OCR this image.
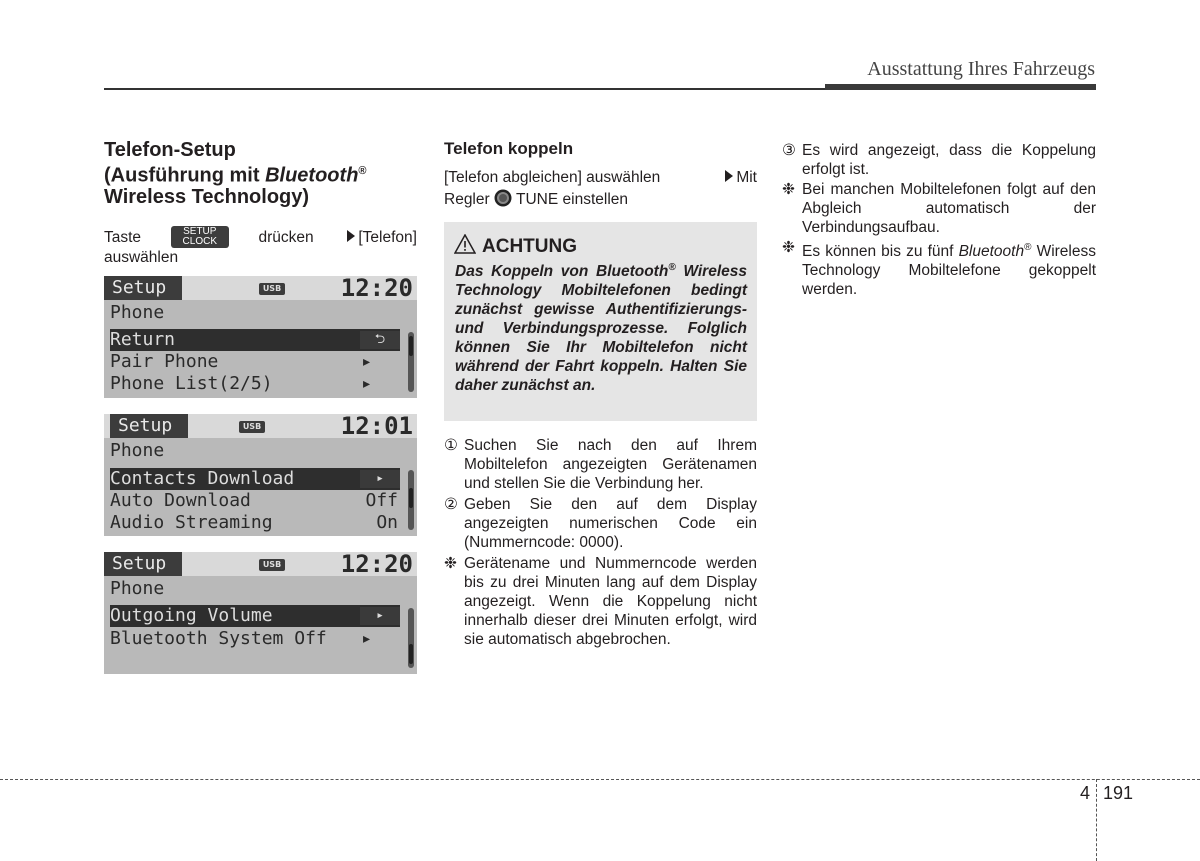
Ausstattung Ihres Fahrzeugs
Telefon-Setup
(Ausführung mit Bluetooth®
Wireless Technology)
Taste	SETUP
CLOCK	drücken	[Telefon]
auswählen
Setup	USB 12:20
Phone
Return	⮌
Pair Phone	▸
Phone List(2/5)	▸
Setup	USB	12:01
Phone
Contacts Download	▸
Auto Download	Off
Audio Streaming	On
Setup	USB 12:20
Phone
Outgoing Volume	▸
Bluetooth System Off ▸
Telefon koppeln
[Telefon abgleichen] auswählen	Mit
Regler TUNE einstellen
ACHTUNG
Das Koppeln von Bluetooth® Wireless Technology Mobiltelefonen bedingt zunächst gewisse Authentifizierungs- und Verbindungsprozesse. Folglich können Sie Ihr Mobiltelefon nicht während der Fahrt koppeln. Halten Sie daher zunächst an.
① Suchen Sie nach den auf Ihrem Mobiltelefon angezeigten Gerätenamen und stellen Sie die Verbindung her.
② Geben Sie den auf dem Display angezeigten numerischen Code ein (Nummerncode: 0000).
❉ Gerätename und Nummerncode werden bis zu drei Minuten lang auf dem Display angezeigt. Wenn die Koppelung nicht innerhalb dieser drei Minuten erfolgt, wird sie automatisch abgebrochen.
③ Es wird angezeigt, dass die Koppelung erfolgt ist.
❉ Bei manchen Mobiltelefonen folgt auf den Abgleich automatisch der Verbindungsaufbau.
❉ Es können bis zu fünf Bluetooth® Wireless Technology Mobiltelefone gekoppelt werden.
4 191
